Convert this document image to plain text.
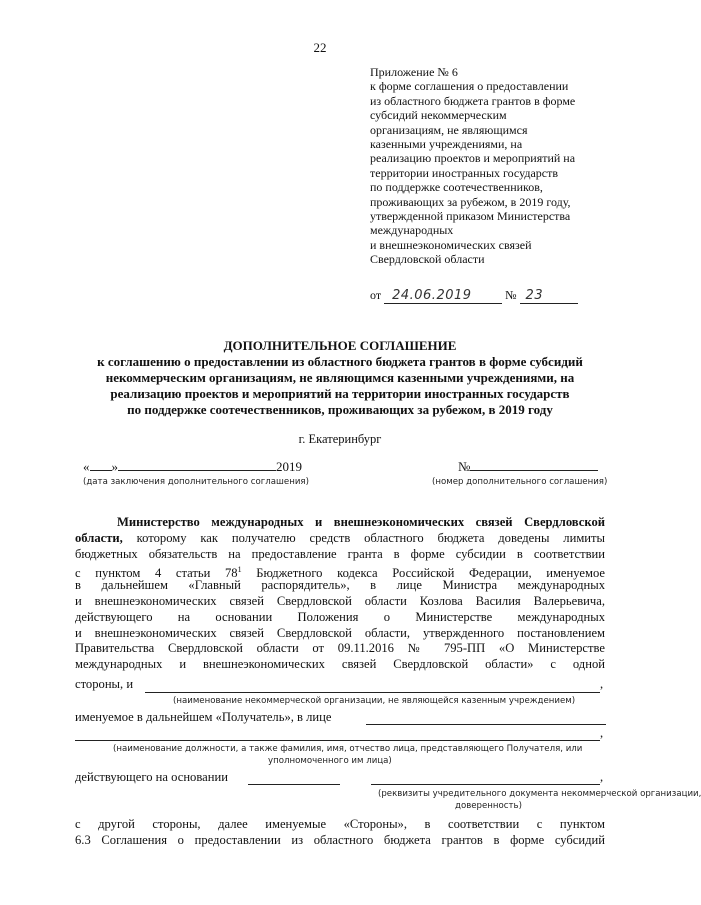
22
Приложение № 6
к форме соглашения о предоставлении
из областного бюджета грантов в форме
субсидий некоммерческим
организациям, не являющимся
казенными учреждениями, на
реализацию проектов и мероприятий на
территории иностранных государств
по поддержке соотечественников,
проживающих за рубежом, в 2019 году,
утвержденной приказом Министерства
международных
и внешнеэкономических связей
Свердловской области
от 24.06.2019	№ 23
ДОПОЛНИТЕЛЬНОЕ СОГЛАШЕНИЕ
к соглашению о предоставлении из областного бюджета грантов в форме субсидий
некоммерческим организациям, не являющимся казенными учреждениями, на
реализацию проектов и мероприятий на территории иностранных государств
по поддержке соотечественников, проживающих за рубежом, в 2019 году
г. Екатеринбург
« »	2019
(дата заключения дополнительного соглашения)
№
(номер дополнительного соглашения)
Министерство международных и внешнеэкономических связей Свердловской
области, которому как получателю средств областного бюджета доведены лимиты
бюджетных обязательств на предоставление гранта в форме субсидии в соответствии
с пунктом 4 статьи $78^1$ Бюджетного кодекса Российской Федерации, именуемое
в дальнейшем «Главный распорядитель», в лице Министра международных
и внешнеэкономических связей Свердловской области Козлова Василия Валерьевича,
действующего на основании Положения о Министерстве международных
и внешнеэкономических связей Свердловской области, утвержденного постановлением
Правительства Свердловской области от 09.11.2016 № 795-ПП «О Министерстве
международных и внешнеэкономических связей Свердловской области» с одной
стороны, и	,
(наименование некоммерческой организации, не являющейся казенным учреждением)
именуемое в дальнейшем «Получатель», в лице
,
(наименование должности, а также фамилия, имя, отчество лица, представляющего Получателя, или
уполномоченного им лица)
действующего на основании	,
(реквизиты учредительного документа некоммерческой организации,
доверенность)
с другой стороны, далее именуемые «Стороны», в соответствии с пунктом
6.3 Соглашения о предоставлении из областного бюджета грантов в форме субсидий
